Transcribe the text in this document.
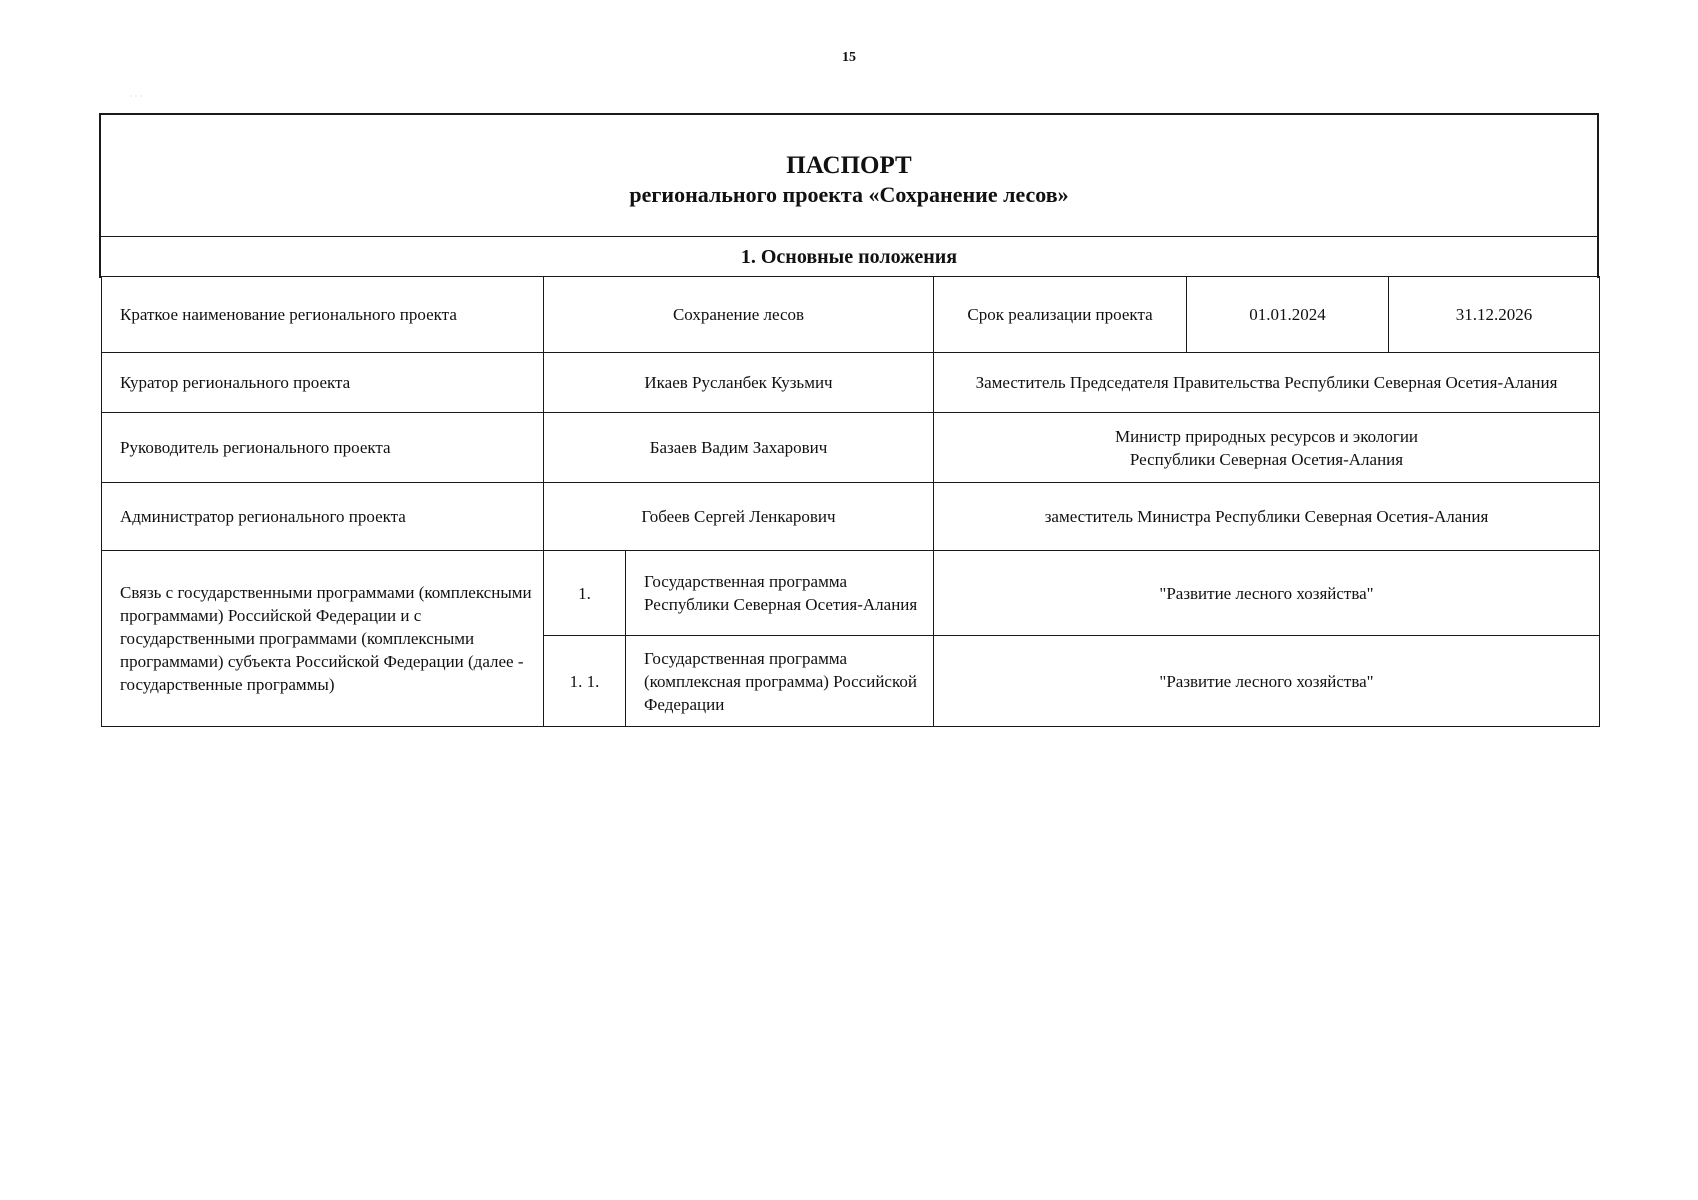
15
· · ·
ПАСПОРТ
регионального проекта «Сохранение лесов»
1. Основные положения
Краткое наименование регионального проекта	Сохранение лесов		Срок реализации проекта	01.01.2024	31.12.2026
Куратор регионального проекта	Икаев Русланбек Кузьмич		Заместитель Председателя Правительства Республики Северная Осетия-Алания		
Руководитель регионального проекта	Базаев Вадим Захарович		Министр природных ресурсов и экологии
Республики Северная Осетия-Алания		

Администратор регионального проекта	Гобеев Сергей Ленкарович		заместитель Министра Республики Северная Осетия-Алания		
Связь с государственными программами (комплексными программами) Российской Федерации и с государственными программами (комплексными программами) субъекта Российской Федерации (далее - государственные программы)	1.	Государственная программа Республики Северная Осетия-Алания	"Развитие лесного хозяйства"		
	1. 1.	Государственная программа (комплексная программа) Российской Федерации	"Развитие лесного хозяйства"		
